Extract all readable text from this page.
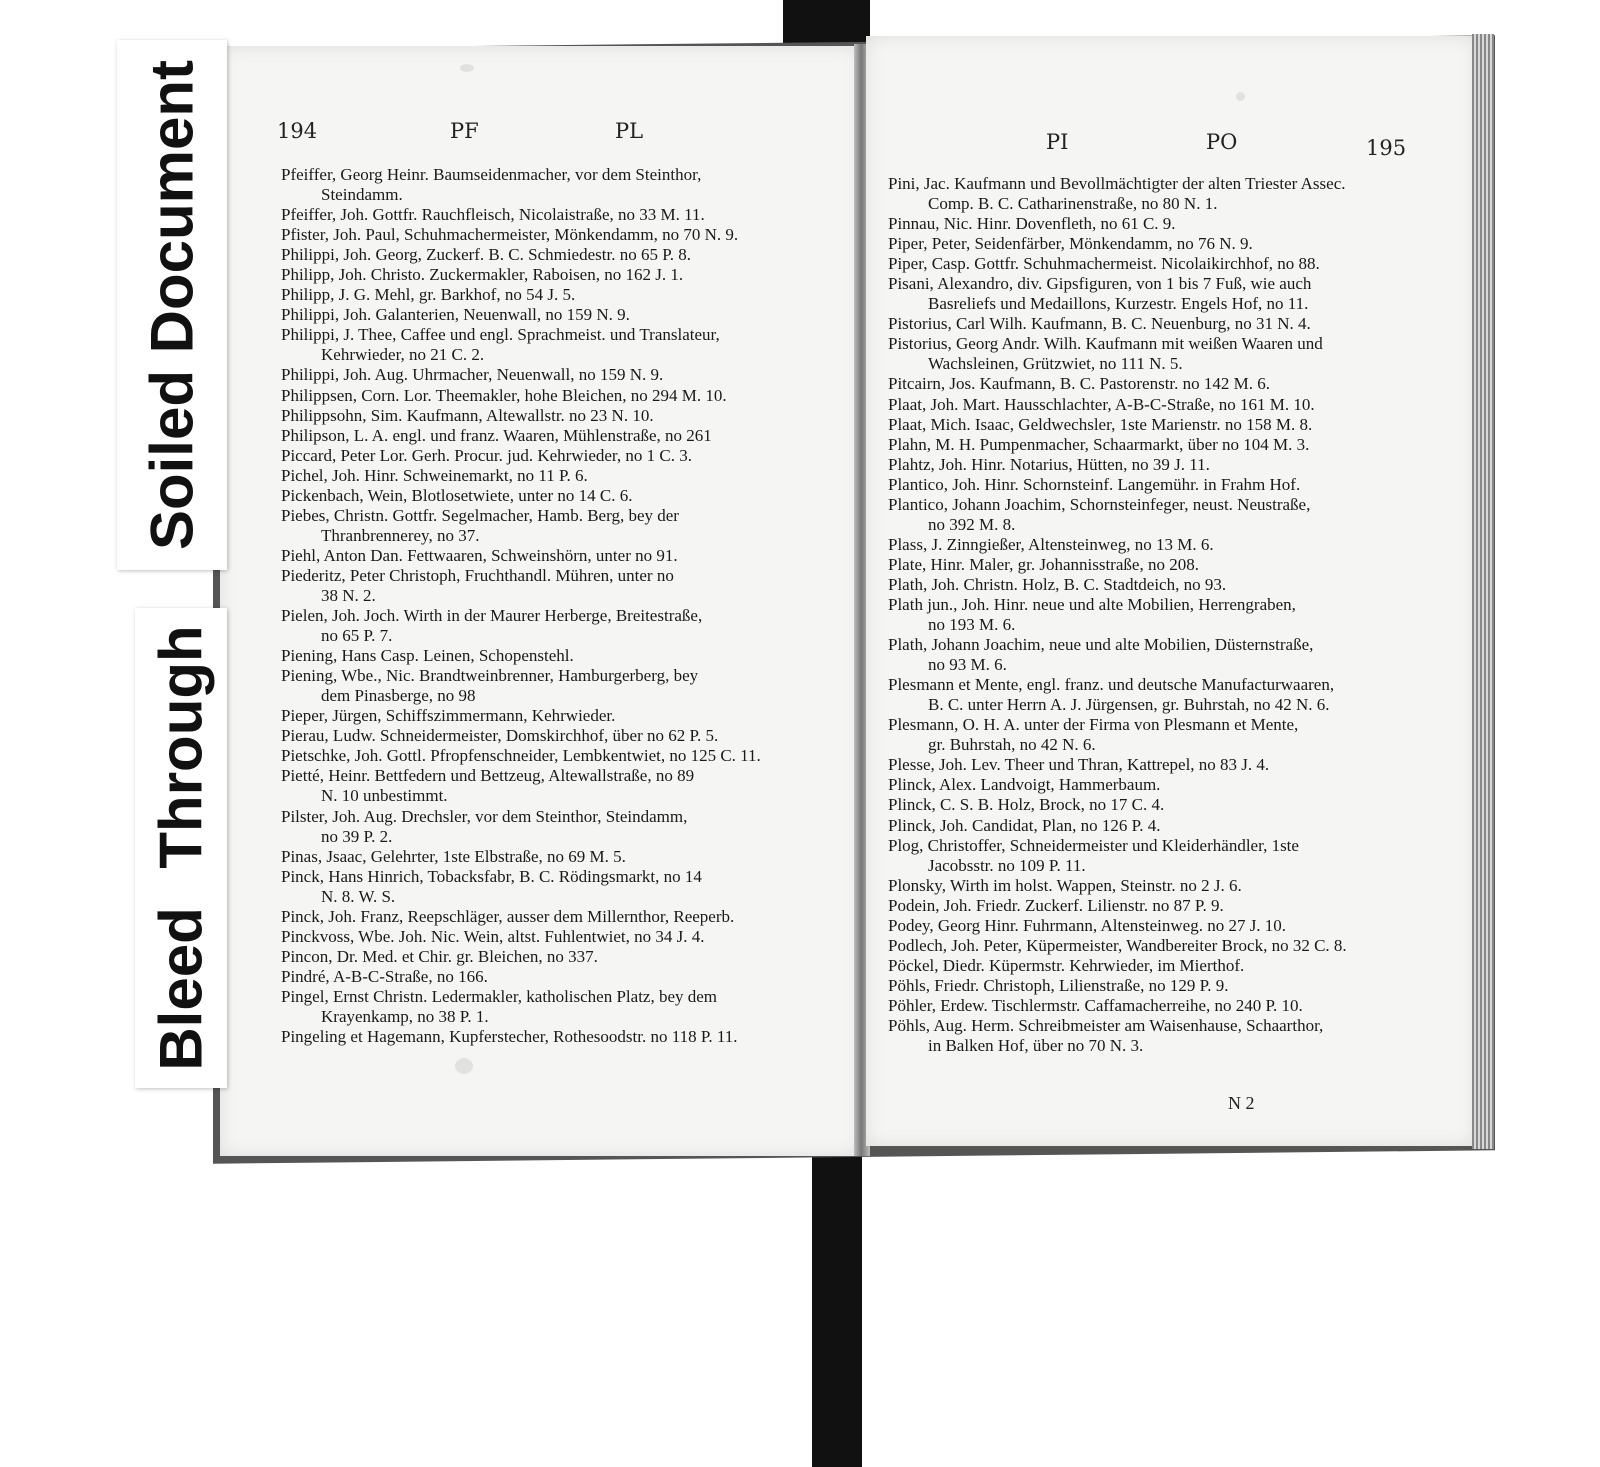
194	PF	PL
Pfeiffer, Georg Heinr. Baumseidenmacher, vor dem Steinthor,
Steindamm.
Pfeiffer, Joh. Gottfr. Rauchfleisch, Nicolaistraße, no 33 M. 11.
Pfister, Joh. Paul, Schuhmachermeister, Mönkendamm, no 70 N. 9.
Philippi, Joh. Georg, Zuckerf. B. C. Schmiedestr. no 65 P. 8.
Philipp, Joh. Christo. Zuckermakler, Raboisen, no 162 J. 1.
Philipp, J. G. Mehl, gr. Barkhof, no 54 J. 5.
Philippi, Joh. Galanterien, Neuenwall, no 159 N. 9.
Philippi, J. Thee, Caffee und engl. Sprachmeist. und Translateur,
Kehrwieder, no 21 C. 2.
Philippi, Joh. Aug. Uhrmacher, Neuenwall, no 159 N. 9.
Philippsen, Corn. Lor. Theemakler, hohe Bleichen, no 294 M. 10.
Philippsohn, Sim. Kaufmann, Altewallstr. no 23 N. 10.
Philipson, L. A. engl. und franz. Waaren, Mühlenstraße, no 261
Piccard, Peter Lor. Gerh. Procur. jud. Kehrwieder, no 1 C. 3.
Pichel, Joh. Hinr. Schweinemarkt, no 11 P. 6.
Pickenbach, Wein, Blotlosetwiete, unter no 14 C. 6.
Piebes, Christn. Gottfr. Segelmacher, Hamb. Berg, bey der
Thranbrennerey, no 37.
Piehl, Anton Dan. Fettwaaren, Schweinshörn, unter no 91.
Piederitz, Peter Christoph, Fruchthandl. Mühren, unter no
38 N. 2.
Pielen, Joh. Joch. Wirth in der Maurer Herberge, Breitestraße,
no 65 P. 7.
Piening, Hans Casp. Leinen, Schopenstehl.
Piening, Wbe., Nic. Brandtweinbrenner, Hamburgerberg, bey
dem Pinasberge, no 98
Pieper, Jürgen, Schiffszimmermann, Kehrwieder.
Pierau, Ludw. Schneidermeister, Domskirchhof, über no 62 P. 5.
Pietschke, Joh. Gottl. Pfropfenschneider, Lembkentwiet, no 125 C. 11.
Pietté, Heinr. Bettfedern und Bettzeug, Altewallstraße, no 89
N. 10 unbestimmt.
Pilster, Joh. Aug. Drechsler, vor dem Steinthor, Steindamm,
no 39 P. 2.
Pinas, Jsaac, Gelehrter, 1ste Elbstraße, no 69 M. 5.
Pinck, Hans Hinrich, Tobacksfabr, B. C. Rödingsmarkt, no 14
N. 8. W. S.
Pinck, Joh. Franz, Reepschläger, ausser dem Millernthor, Reeperb.
Pinckvoss, Wbe. Joh. Nic. Wein, altst. Fuhlentwiet, no 34 J. 4.
Pincon, Dr. Med. et Chir. gr. Bleichen, no 337.
Pindré, A-B-C-Straße, no 166.
Pingel, Ernst Christn. Ledermakler, katholischen Platz, bey dem
Krayenkamp, no 38 P. 1.
Pingeling et Hagemann, Kupferstecher, Rothesoodstr. no 118 P. 11.
PI	PO	195
Pini, Jac. Kaufmann und Bevollmächtigter der alten Triester Assec.
Comp. B. C. Catharinenstraße, no 80 N. 1.
Pinnau, Nic. Hinr. Dovenfleth, no 61 C. 9.
Piper, Peter, Seidenfärber, Mönkendamm, no 76 N. 9.
Piper, Casp. Gottfr. Schuhmachermeist. Nicolaikirchhof, no 88.
Pisani, Alexandro, div. Gipsfiguren, von 1 bis 7 Fuß, wie auch
Basreliefs und Medaillons, Kurzestr. Engels Hof, no 11.
Pistorius, Carl Wilh. Kaufmann, B. C. Neuenburg, no 31 N. 4.
Pistorius, Georg Andr. Wilh. Kaufmann mit weißen Waaren und
Wachsleinen, Grützwiet, no 111 N. 5.
Pitcairn, Jos. Kaufmann, B. C. Pastorenstr. no 142 M. 6.
Plaat, Joh. Mart. Hausschlachter, A-B-C-Straße, no 161 M. 10.
Plaat, Mich. Isaac, Geldwechsler, 1ste Marienstr. no 158 M. 8.
Plahn, M. H. Pumpenmacher, Schaarmarkt, über no 104 M. 3.
Plahtz, Joh. Hinr. Notarius, Hütten, no 39 J. 11.
Plantico, Joh. Hinr. Schornsteinf. Langemühr. in Frahm Hof.
Plantico, Johann Joachim, Schornsteinfeger, neust. Neustraße,
no 392 M. 8.
Plass, J. Zinngießer, Altensteinweg, no 13 M. 6.
Plate, Hinr. Maler, gr. Johannisstraße, no 208.
Plath, Joh. Christn. Holz, B. C. Stadtdeich, no 93.
Plath jun., Joh. Hinr. neue und alte Mobilien, Herrengraben,
no 193 M. 6.
Plath, Johann Joachim, neue und alte Mobilien, Düsternstraße,
no 93 M. 6.
Plesmann et Mente, engl. franz. und deutsche Manufacturwaaren,
B. C. unter Herrn A. J. Jürgensen, gr. Buhrstah, no 42 N. 6.
Plesmann, O. H. A. unter der Firma von Plesmann et Mente,
gr. Buhrstah, no 42 N. 6.
Plesse, Joh. Lev. Theer und Thran, Kattrepel, no 83 J. 4.
Plinck, Alex. Landvoigt, Hammerbaum.
Plinck, C. S. B. Holz, Brock, no 17 C. 4.
Plinck, Joh. Candidat, Plan, no 126 P. 4.
Plog, Christoffer, Schneidermeister und Kleiderhändler, 1ste
Jacobsstr. no 109 P. 11.
Plonsky, Wirth im holst. Wappen, Steinstr. no 2 J. 6.
Podein, Joh. Friedr. Zuckerf. Lilienstr. no 87 P. 9.
Podey, Georg Hinr. Fuhrmann, Altensteinweg. no 27 J. 10.
Podlech, Joh. Peter, Küpermeister, Wandbereiter Brock, no 32 C. 8.
Pöckel, Diedr. Küpermstr. Kehrwieder, im Mierthof.
Pöhls, Friedr. Christoph, Lilienstraße, no 129 P. 9.
Pöhler, Erdew. Tischlermstr. Caffamacherreihe, no 240 P. 10.
Pöhls, Aug. Herm. Schreibmeister am Waisenhause, Schaarthor,
in Balken Hof, über no 70 N. 3.
N 2
Soiled Document
Bleed Through
